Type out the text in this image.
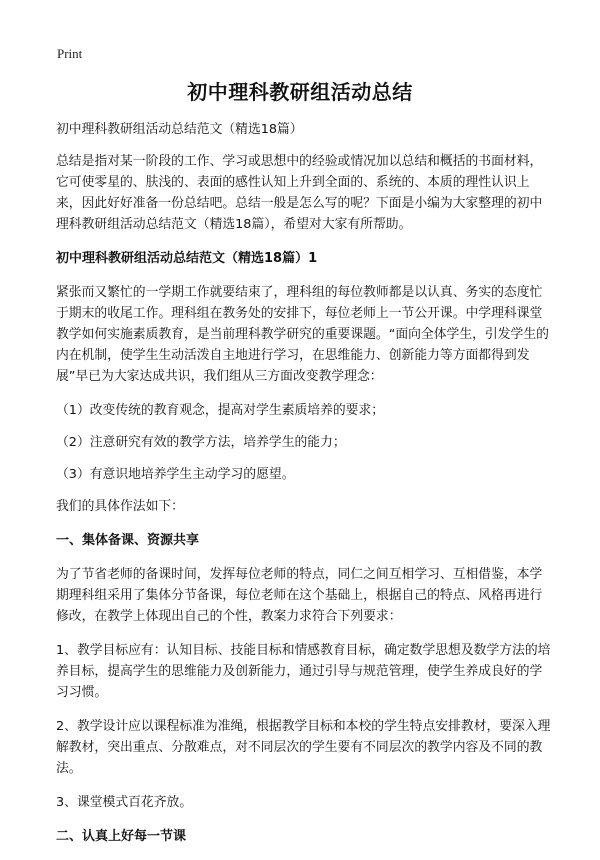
Print
初中理科教研组活动总结

初中理科教研组活动总结范文（精选18篇）

总结是指对某一阶段的工作、学习或思想中的经验或情况加以总结和概括的书面材料，它可使零星的、肤浅的、表面的感性认知上升到全面的、系统的、本质的理性认识上来，因此好好准备一份总结吧。总结一般是怎么写的呢？下面是小编为大家整理的初中理科教研组活动总结范文（精选18篇），希望对大家有所帮助。

初中理科教研组活动总结范文（精选18篇）1

紧张而又繁忙的一学期工作就要结束了，理科组的每位教师都是以认真、务实的态度忙于期末的收尾工作。理科组在教务处的安排下，每位老师上一节公开课。中学理科课堂教学如何实施素质教育，是当前理科教学研究的重要课题。“面向全体学生，引发学生的内在机制，使学生生动活泼自主地进行学习，在思维能力、创新能力等方面都得到发展”早已为大家达成共识，我们组从三方面改变教学理念：

（1）改变传统的教育观念，提高对学生素质培养的要求；

（2）注意研究有效的教学方法，培养学生的能力；

（3）有意识地培养学生主动学习的愿望。

我们的具体作法如下：

一、集体备课、资源共享

为了节省老师的备课时间，发挥每位老师的特点，同仁之间互相学习、互相借鉴，本学期理科组采用了集体分节备课，每位老师在这个基础上，根据自己的特点、风格再进行修改，在教学上体现出自己的个性，教案力求符合下列要求：

1、教学目标应有：认知目标、技能目标和情感教育目标，确定数学思想及数学方法的培养目标，提高学生的思维能力及创新能力，通过引导与规范管理，使学生养成良好的学习习惯。

2、教学设计应以课程标准为准绳，根据教学目标和本校的学生特点安排教材，要深入理解教材，突出重点、分散难点，对不同层次的学生要有不同层次的教学内容及不同的教法。

3、课堂模式百花齐放。

二、认真上好每一节课
